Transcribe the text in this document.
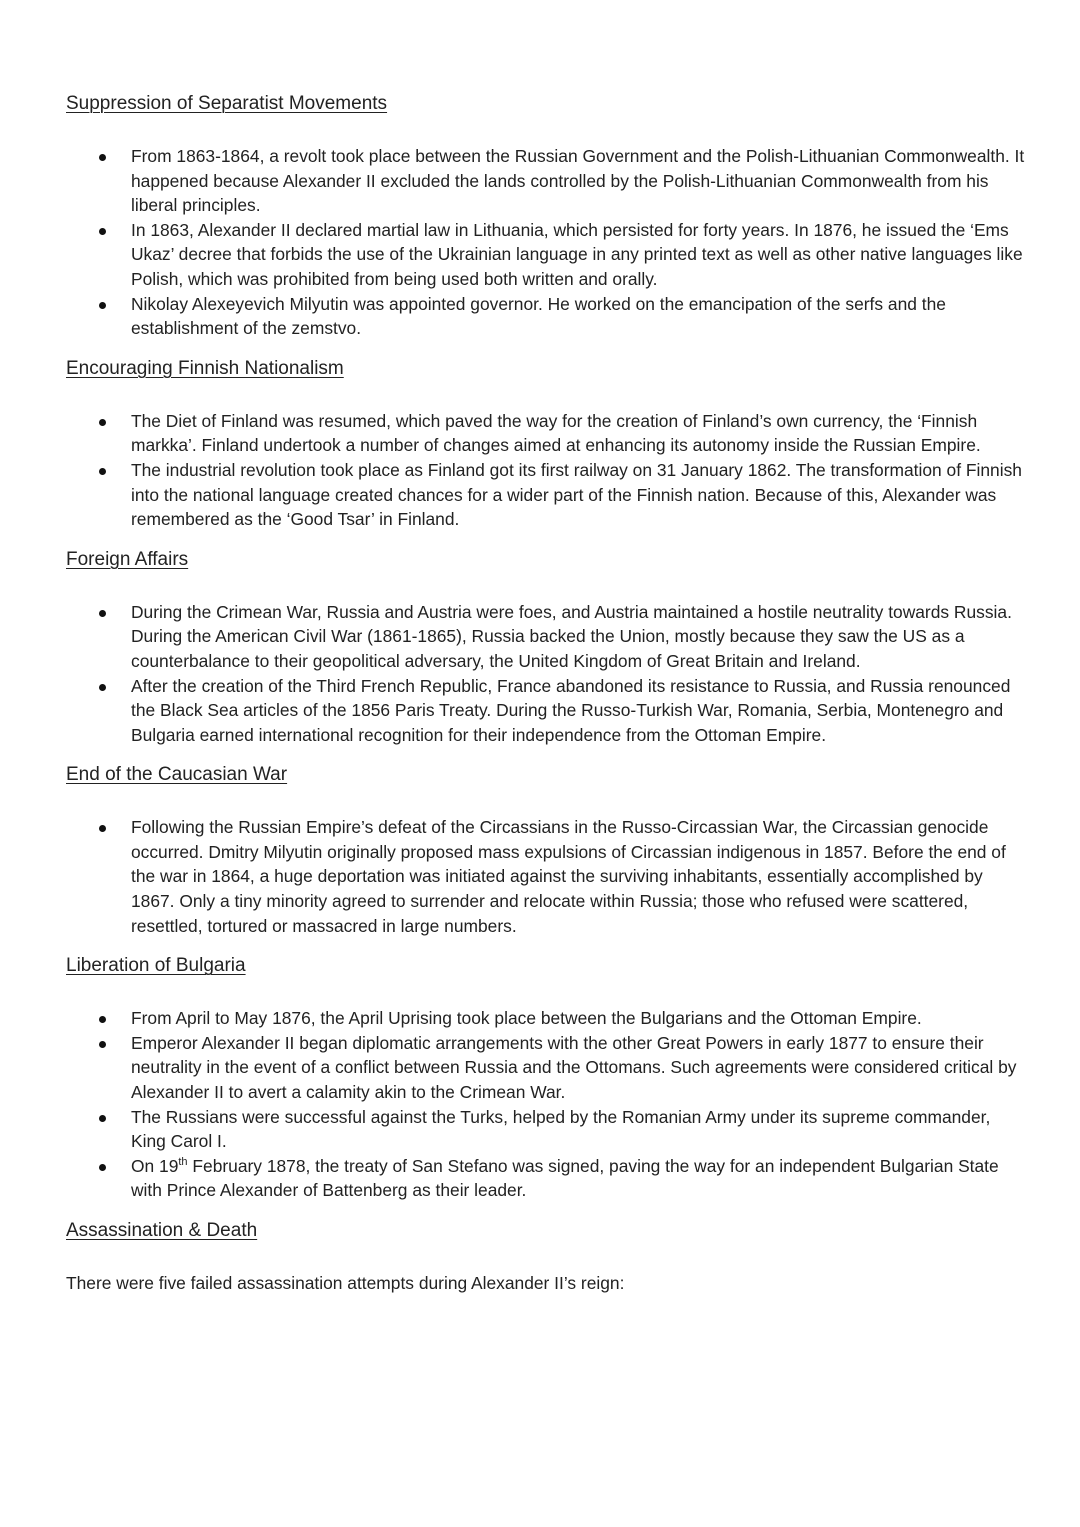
Suppression of Separatist Movements
From 1863-1864, a revolt took place between the Russian Government and the Polish-Lithuanian Commonwealth. It happened because Alexander II excluded the lands controlled by the Polish-Lithuanian Commonwealth from his liberal principles.
In 1863, Alexander II declared martial law in Lithuania, which persisted for forty years. In 1876, he issued the ‘Ems Ukaz’ decree that forbids the use of the Ukrainian language in any printed text as well as other native languages like Polish, which was prohibited from being used both written and orally.
Nikolay Alexeyevich Milyutin was appointed governor. He worked on the emancipation of the serfs and the establishment of the zemstvo.
Encouraging Finnish Nationalism
The Diet of Finland was resumed, which paved the way for the creation of Finland’s own currency, the ‘Finnish markka’. Finland undertook a number of changes aimed at enhancing its autonomy inside the Russian Empire.
The industrial revolution took place as Finland got its first railway on 31 January 1862. The transformation of Finnish into the national language created chances for a wider part of the Finnish nation. Because of this, Alexander was remembered as the ‘Good Tsar’ in Finland.
Foreign Affairs
During the Crimean War, Russia and Austria were foes, and Austria maintained a hostile neutrality towards Russia. During the American Civil War (1861-1865), Russia backed the Union, mostly because they saw the US as a counterbalance to their geopolitical adversary, the United Kingdom of Great Britain and Ireland.
After the creation of the Third French Republic, France abandoned its resistance to Russia, and Russia renounced the Black Sea articles of the 1856 Paris Treaty. During the Russo-Turkish War, Romania, Serbia, Montenegro and Bulgaria earned international recognition for their independence from the Ottoman Empire.
End of the Caucasian War
Following the Russian Empire’s defeat of the Circassians in the Russo-Circassian War, the Circassian genocide occurred. Dmitry Milyutin originally proposed mass expulsions of Circassian indigenous in 1857. Before the end of the war in 1864, a huge deportation was initiated against the surviving inhabitants, essentially accomplished by 1867. Only a tiny minority agreed to surrender and relocate within Russia; those who refused were scattered, resettled, tortured or massacred in large numbers.
Liberation of Bulgaria
From April to May 1876, the April Uprising took place between the Bulgarians and the Ottoman Empire.
Emperor Alexander II began diplomatic arrangements with the other Great Powers in early 1877 to ensure their neutrality in the event of a conflict between Russia and the Ottomans. Such agreements were considered critical by Alexander II to avert a calamity akin to the Crimean War.
The Russians were successful against the Turks, helped by the Romanian Army under its supreme commander, King Carol I.
On 19th February 1878, the treaty of San Stefano was signed, paving the way for an independent Bulgarian State with Prince Alexander of Battenberg as their leader.
Assassination & Death

There were five failed assassination attempts during Alexander II’s reign:
